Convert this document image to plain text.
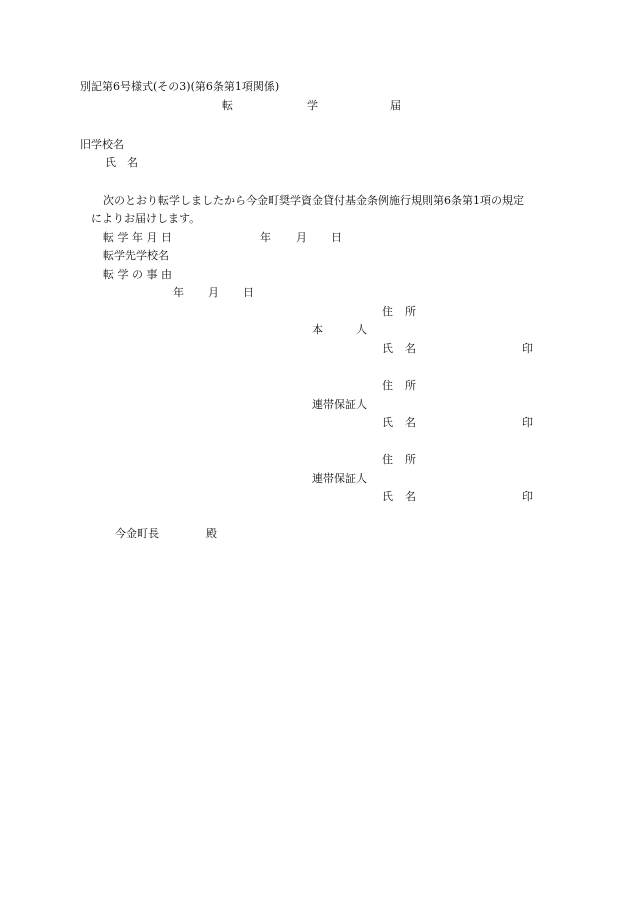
別記第6号様式(その3)(第6条第1項関係)
転	学	届
旧学校名
氏 名
次のとおり転学しましたから今金町奨学資金貸付基金条例施行規則第6条第1項の規定
によりお届けします。
転 学 年 月 日	年 月 日
転学先学校名
転 学 の 事 由
年 月 日
住 所
本　　　人
氏 名	印
住 所
連帯保証人
氏 名	印
住 所
連帯保証人
氏 名	印
今金町長	殿
